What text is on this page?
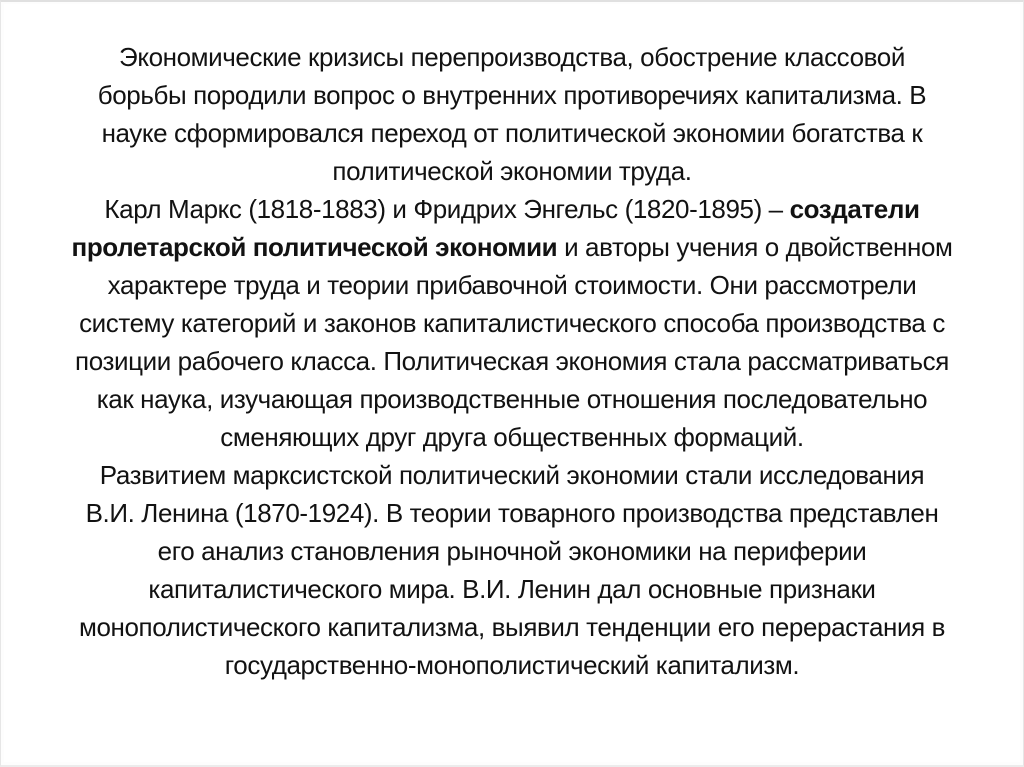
Экономические кризисы перепроизводства, обострение классовой
борьбы породили вопрос о внутренних противоречиях капитализма. В
науке сформировался переход от политической экономии богатства к
политической экономии труда.
Карл Маркс (1818-1883) и Фридрих Энгельс (1820-1895) – создатели
пролетарской политической экономии и авторы учения о двойственном
характере труда и теории прибавочной стоимости. Они рассмотрели
систему категорий и законов капиталистического способа производства с
позиции рабочего класса. Политическая экономия стала рассматриваться
как наука, изучающая производственные отношения последовательно
сменяющих друг друга общественных формаций.
Развитием марксистской политический экономии стали исследования
В.И. Ленина (1870-1924). В теории товарного производства представлен
его анализ становления рыночной экономики на периферии
капиталистического мира. В.И. Ленин дал основные признаки
монополистического капитализма, выявил тенденции его перерастания в
государственно-монополистический капитализм.
